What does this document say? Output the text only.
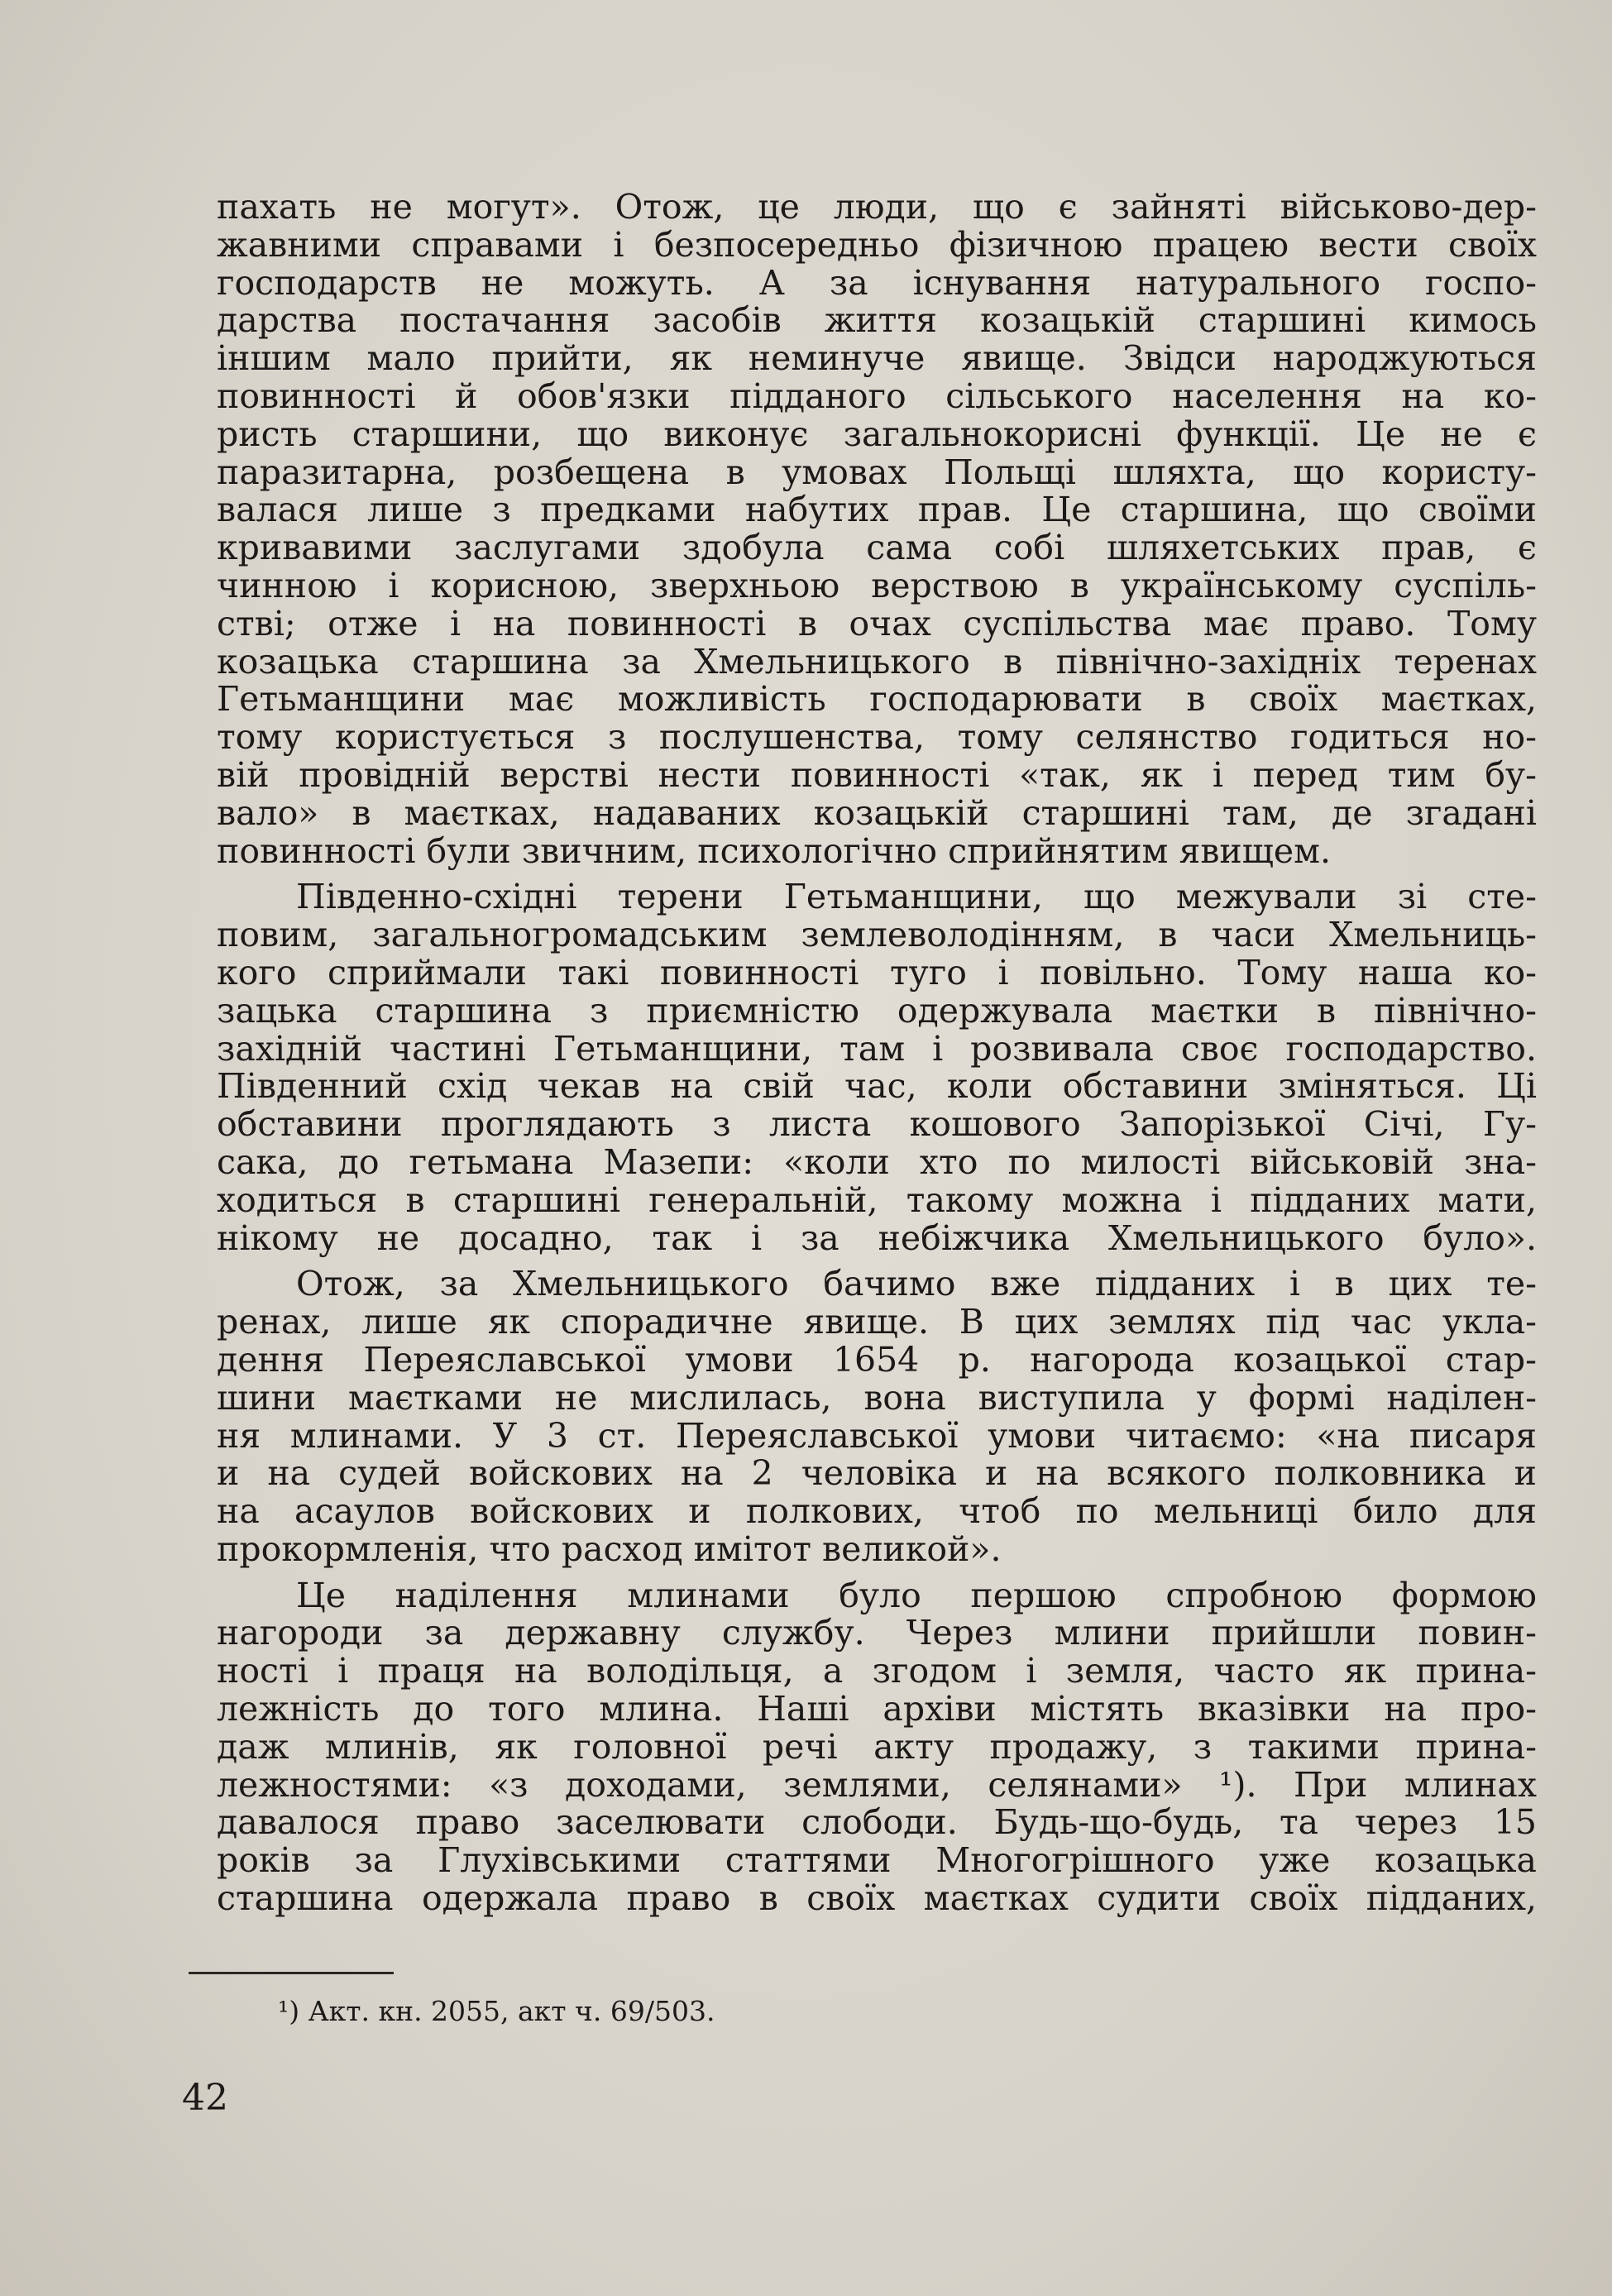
пахать не могут». Отож, це люди, що є зайняті військово-дер-
жавними справами і безпосередньо фізичною працею вести своїх
господарств не можуть. А за існування натурального госпо-
дарства постачання засобів життя козацькій старшині кимось
іншим мало прийти, як неминуче явище. Звідси народжуються
повинності й обов'язки підданого сільського населення на ко-
ристь старшини, що виконує загальнокорисні функції. Це не є
паразитарна, розбещена в умовах Польщі шляхта, що користу-
валася лише з предками набутих прав. Це старшина, що своїми
кривавими заслугами здобула сама собі шляхетських прав, є
чинною і корисною, зверхньою верствою в українському суспіль-
стві; отже і на повинності в очах суспільства має право. Тому
козацька старшина за Хмельницького в північно-західніх теренах
Гетьманщини має можливість господарювати в своїх маєтках,
тому користується з послушенства, тому селянство годиться но-
вій провідній верстві нести повинності «так, як і перед тим бу-
вало» в маєтках, надаваних козацькій старшині там, де згадані
повинності були звичним, психологічно сприйнятим явищем.
Південно-східні терени Гетьманщини, що межували зі сте-
повим, загальногромадським землеволодінням, в часи Хмельниць-
кого сприймали такі повинності туго і повільно. Тому наша ко-
зацька старшина з приємністю одержувала маєтки в північно-
західній частині Гетьманщини, там і розвивала своє господарство.
Південний схід чекав на свій час, коли обставини зміняться. Ці
обставини проглядають з листа кошового Запорізької Січі, Гу-
сака, до гетьмана Мазепи: «коли хто по милості військовій зна-
ходиться в старшині генеральній, такому можна і підданих мати,
нікому не досадно, так і за небіжчика Хмельницького було».
Отож, за Хмельницького бачимо вже підданих і в цих те-
ренах, лише як спорадичне явище. В цих землях під час укла-
дення Переяславської умови 1654 р. нагорода козацької стар-
шини маєтками не мислилась, вона виступила у формі наділен-
ня млинами. У 3 ст. Переяславської умови читаємо: «на писаря
и на судей войскових на 2 человіка и на всякого полковника и
на асаулов войскових и полкових, чтоб по мельниці било для
прокормленія, что расход имітот великой».
Це наділення млинами було першою спробною формою
нагороди за державну службу. Через млини прийшли повин-
ності і праця на володільця, а згодом і земля, часто як прина-
лежність до того млина. Наші архіви містять вказівки на про-
даж млинів, як головної речі акту продажу, з такими прина-
лежностями: «з доходами, землями, селянами» ¹). При млинах
давалося право заселювати слободи. Будь-що-будь, та через 15
років за Глухівськими статтями Многогрішного уже козацька
старшина одержала право в своїх маєтках судити своїх підданих,
¹) Акт. кн. 2055, акт ч. 69/503.
42
